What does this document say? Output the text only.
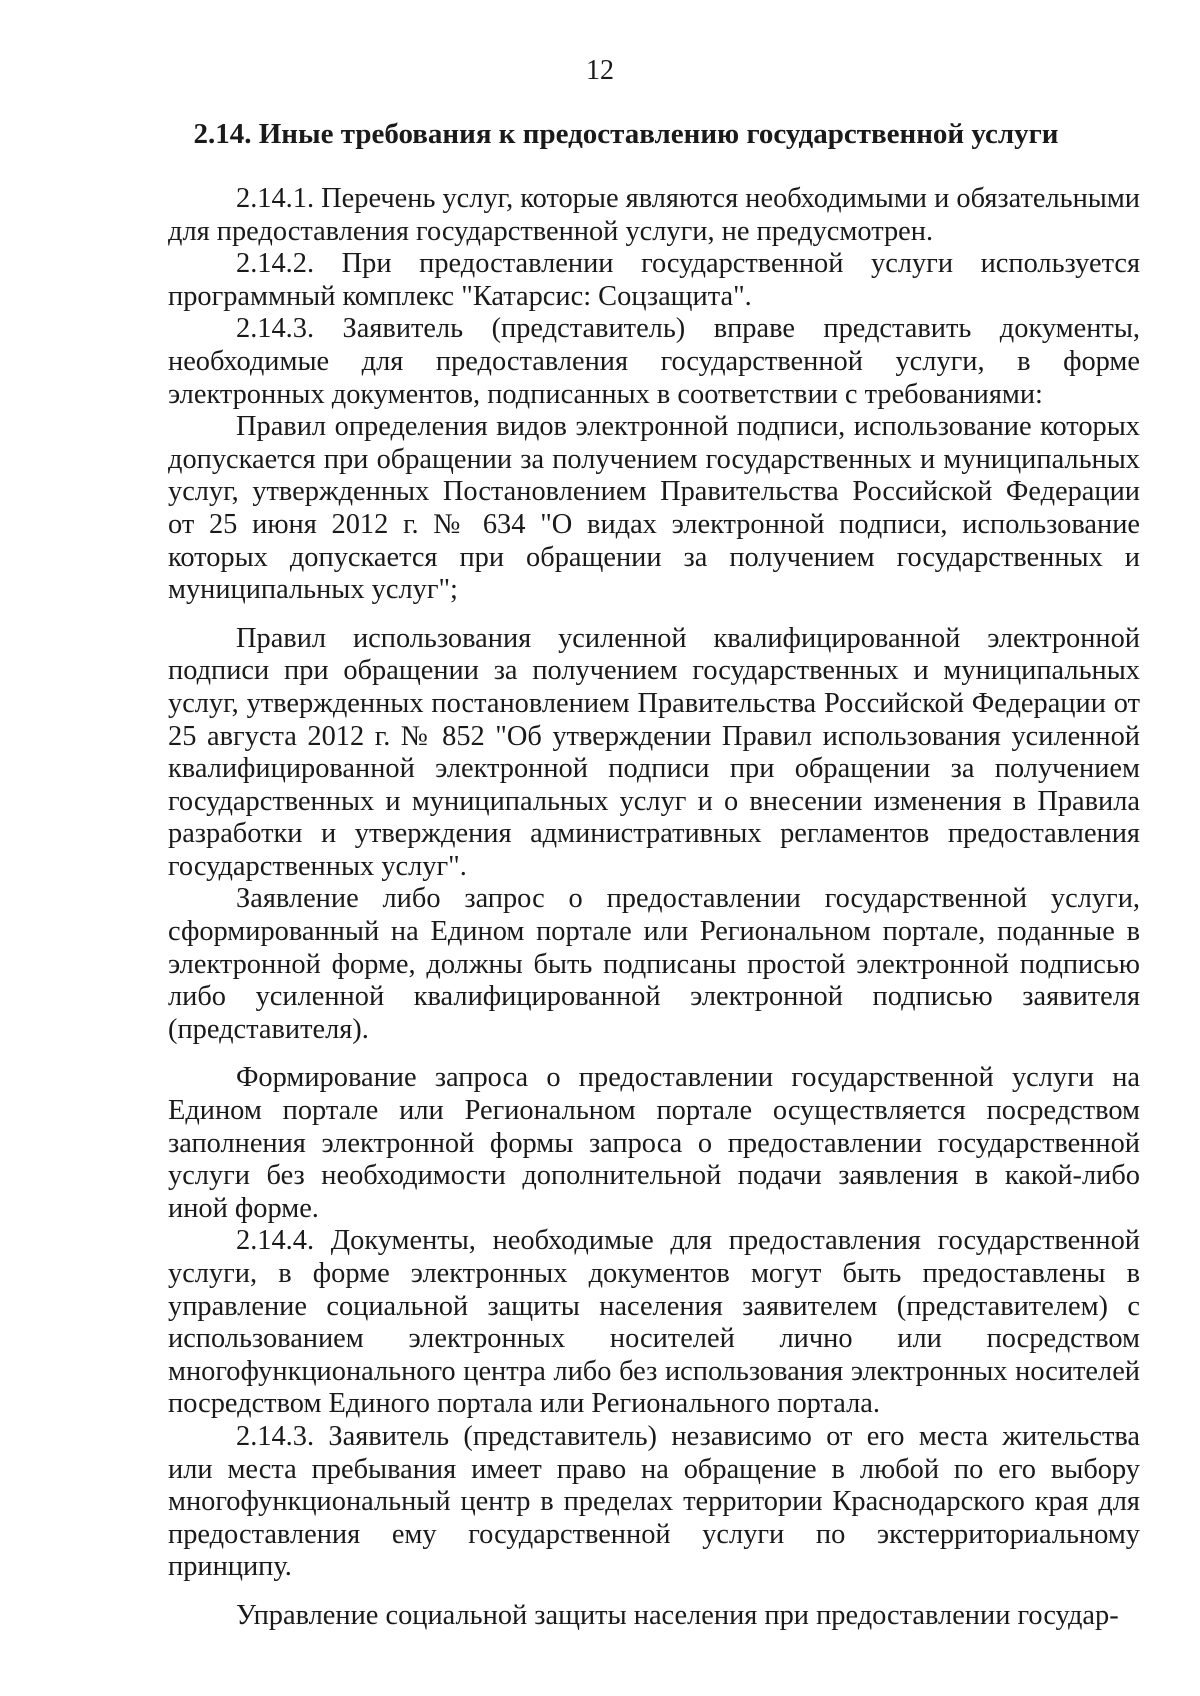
12
2.14. Иные требования к предоставлению государственной услуги

2.14.1. Перечень услуг, которые являются необходимыми и обязательными для предоставления государственной услуги, не предусмотрен.

2.14.2. При предоставлении государственной услуги используется программный комплекс "Катарсис: Соцзащита".

2.14.3. Заявитель (представитель) вправе представить документы, необходимые для предоставления государственной услуги, в форме электронных документов, подписанных в соответствии с требованиями:

Правил определения видов электронной подписи, использование которых допускается при обращении за получением государственных и муниципальных услуг, утвержденных Постановлением Правительства Российской Федерации от 25 июня 2012 г. № 634 "О видах электронной подписи, использование которых допускается при обращении за получением государственных и муниципальных услуг";

Правил использования усиленной квалифицированной электронной подписи при обращении за получением государственных и муниципальных услуг, утвержденных постановлением Правительства Российской Федерации от 25 августа 2012 г. № 852 "Об утверждении Правил использования усиленной квалифицированной электронной подписи при обращении за получением государственных и муниципальных услуг и о внесении изменения в Правила разработки и утверждения административных регламентов предоставления государственных услуг".

Заявление либо запрос о предоставлении государственной услуги, сформированный на Едином портале или Региональном портале, поданные в электронной форме, должны быть подписаны простой электронной подписью либо усиленной квалифицированной электронной подписью заявителя (представителя).

Формирование запроса о предоставлении государственной услуги на Едином портале или Региональном портале осуществляется посредством заполнения электронной формы запроса о предоставлении государственной услуги без необходимости дополнительной подачи заявления в какой-либо иной форме.

2.14.4. Документы, необходимые для предоставления государственной услуги, в форме электронных документов могут быть предоставлены в управление социальной защиты населения заявителем (представителем) с использованием электронных носителей лично или посредством многофункционального центра либо без использования электронных носителей посредством Единого портала или Регионального портала.

2.14.3. Заявитель (представитель) независимо от его места жительства или места пребывания имеет право на обращение в любой по его выбору многофункциональный центр в пределах территории Краснодарского края для предоставления ему государственной услуги по экстерриториальному принципу.

Управление социальной защиты населения при предоставлении государ-
